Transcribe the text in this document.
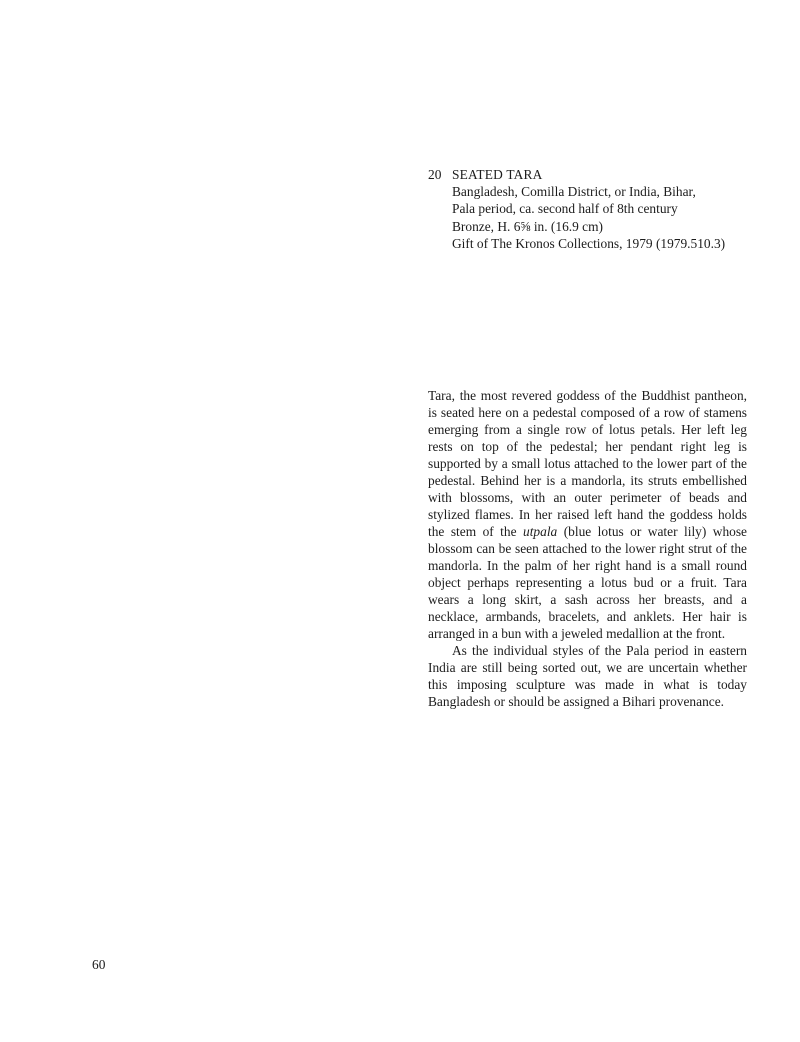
20 SEATED TARA
Bangladesh, Comilla District, or India, Bihar,
Pala period, ca. second half of 8th century
Bronze, H. 6⅝ in. (16.9 cm)
Gift of The Kronos Collections, 1979 (1979.510.3)

Tara, the most revered goddess of the Buddhist pantheon, is seated here on a pedestal composed of a row of stamens emerging from a single row of lotus petals. Her left leg rests on top of the pedestal; her pendant right leg is supported by a small lotus attached to the lower part of the pedestal. Behind her is a mandorla, its struts embellished with blossoms, with an outer perimeter of beads and stylized flames. In her raised left hand the goddess holds the stem of the utpala (blue lotus or water lily) whose blossom can be seen attached to the lower right strut of the mandorla. In the palm of her right hand is a small round object perhaps representing a lotus bud or a fruit. Tara wears a long skirt, a sash across her breasts, and a necklace, armbands, bracelets, and anklets. Her hair is arranged in a bun with a jeweled medallion at the front.

As the individual styles of the Pala period in eastern India are still being sorted out, we are uncertain whether this imposing sculpture was made in what is today Bangladesh or should be assigned a Bihari provenance.

60
